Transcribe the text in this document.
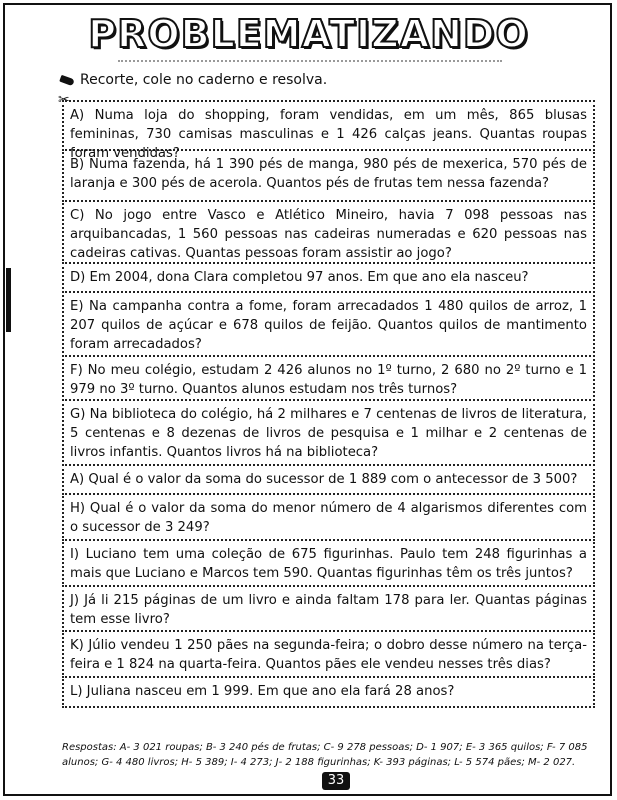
PROBLEMATIZANDO
Recorte, cole no caderno e resolva.
✂
A) Numa loja do shopping, foram vendidas, em um mês, 865 blusas femininas, 730 camisas masculinas e 1 426 calças jeans. Quantas roupas foram vendidas?
B) Numa fazenda, há 1 390 pés de manga, 980 pés de mexerica, 570 pés de laranja e 300 pés de acerola. Quantos pés de frutas tem nessa fazenda?
C) No jogo entre Vasco e Atlético Mineiro, havia 7 098 pessoas nas arquibancadas, 1 560 pessoas nas cadeiras numeradas e 620 pessoas nas cadeiras cativas. Quantas pessoas foram assistir ao jogo?
D) Em 2004, dona Clara completou 97 anos. Em que ano ela nasceu?
E) Na campanha contra a fome, foram arrecadados 1 480 quilos de arroz, 1 207 quilos de açúcar e 678 quilos de feijão. Quantos quilos de mantimento foram arrecadados?
F) No meu colégio, estudam 2 426 alunos no 1º turno, 2 680 no 2º turno e 1 979 no 3º turno. Quantos alunos estudam nos três turnos?
G) Na biblioteca do colégio, há 2 milhares e 7 centenas de livros de literatura, 5 centenas e 8 dezenas de livros de pesquisa e 1 milhar e 2 centenas de livros infantis. Quantos livros há na biblioteca?
A) Qual é o valor da soma do sucessor de 1 889 com o antecessor de 3 500?
H) Qual é o valor da soma do menor número de 4 algarismos diferentes com o sucessor de 3 249?
I) Luciano tem uma coleção de 675 figurinhas. Paulo tem 248 figurinhas a mais que Luciano e Marcos tem 590. Quantas figurinhas têm os três juntos?
J) Já li 215 páginas de um livro e ainda faltam 178 para ler. Quantas páginas tem esse livro?
K) Júlio vendeu 1 250 pães na segunda-feira; o dobro desse número na terça-feira e 1 824 na quarta-feira. Quantos pães ele vendeu nesses três dias?
L) Juliana nasceu em 1 999. Em que ano ela fará 28 anos?
Respostas: A- 3 021 roupas; B- 3 240 pés de frutas; C- 9 278 pessoas; D- 1 907; E- 3 365 quilos; F- 7 085 alunos; G- 4 480 livros; H- 5 389; I- 4 273; J- 2 188 figurinhas; K- 393 páginas; L- 5 574 pães; M- 2 027.
33
